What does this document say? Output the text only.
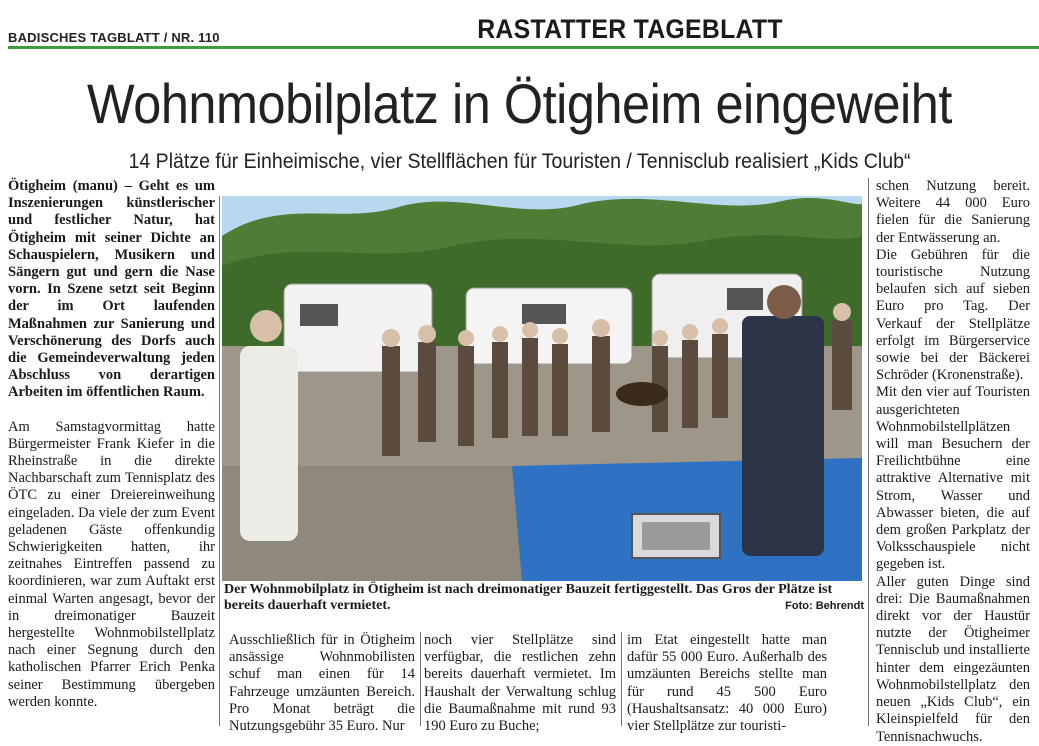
BADISCHES TAGBLATT / NR. 110	RASTATTER TAGEBLATT
Wohnmobilplatz in Ötigheim eingeweiht
14 Plätze für Einheimische, vier Stellflächen für Touristen / Tennisclub realisiert „Kids Club“

Ötigheim (manu) – Geht es um Inszenierungen künstlerischer und festlicher Natur, hat Ötigheim mit seiner Dichte an Schauspielern, Musikern und Sängern gut und gern die Nase vorn. In Szene setzt seit Beginn der im Ort laufenden Maßnahmen zur Sanierung und Verschönerung des Dorfs auch die Gemeindeverwaltung jeden Abschluss von derartigen Arbeiten im öffentlichen Raum.

Am Samstagvormittag hatte Bürgermeister Frank Kiefer in die Rheinstraße in die direkte Nachbarschaft zum Tennisplatz des ÖTC zu einer Dreiereinweihung eingeladen. Da viele der zum Event geladenen Gäste offenkundig Schwierigkeiten hatten, ihr zeitnahes Eintreffen passend zu koordinieren, war zum Auftakt erst einmal Warten angesagt, bevor der in dreimonatiger Bauzeit hergestellte Wohnmobilstellplatz nach einer Segnung durch den katholischen Pfarrer Erich Penka seiner Bestimmung übergeben werden konnte.

Der Wohnmobilplatz in Ötigheim ist nach dreimonatiger Bauzeit fertiggestellt. Das Gros der Plätze ist bereits dauerhaft vermietet.	Foto: Behrendt

Ausschließlich für in Ötigheim ansässige Wohnmobilisten schuf man einen für 14 Fahrzeuge umzäunten Bereich. Pro Monat beträgt die Nutzungsgebühr 35 Euro. Nur

noch vier Stellplätze sind verfügbar, die restlichen zehn bereits dauerhaft vermietet. Im Haushalt der Verwaltung schlug die Baumaßnahme mit rund 93 190 Euro zu Buche;

im Etat eingestellt hatte man dafür 55 000 Euro. Außerhalb des umzäunten Bereichs stellte man für rund 45 500 Euro (Haushaltsansatz: 40 000 Euro) vier Stellplätze zur touristi-

schen Nutzung bereit. Weitere 44 000 Euro fielen für die Sanierung der Entwässerung an.

Die Gebühren für die touristische Nutzung belaufen sich auf sieben Euro pro Tag. Der Verkauf der Stellplätze erfolgt im Bürgerservice sowie bei der Bäckerei Schröder (Kronenstraße).

Mit den vier auf Touristen ausgerichteten Wohnmobilstellplätzen will man Besuchern der Freilichtbühne eine attraktive Alternative mit Strom, Wasser und Abwasser bieten, die auf dem großen Parkplatz der Volksschauspiele nicht gegeben ist.

Aller guten Dinge sind drei: Die Baumaßnahmen direkt vor der Haustür nutzte der Ötigheimer Tennisclub und installierte hinter dem eingezäunten Wohnmobilstellplatz den neuen „Kids Club“, ein Kleinspielfeld für den Tennisnachwuchs.
